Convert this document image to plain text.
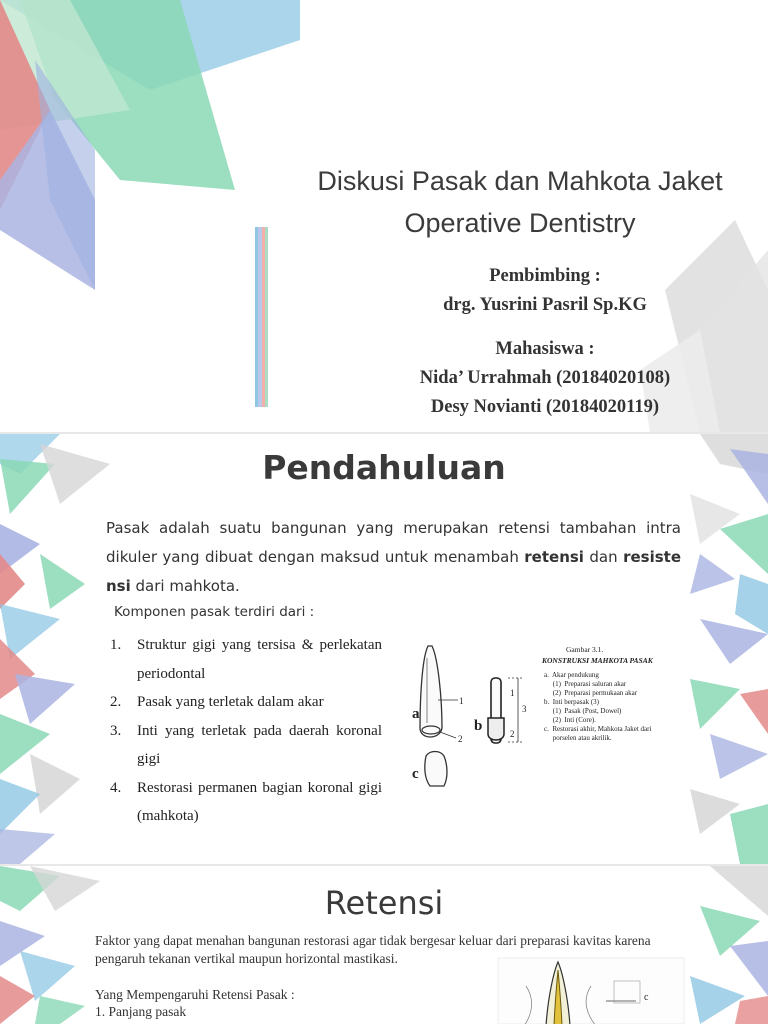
Diskusi Pasak dan Mahkota Jaket
Operative Dentistry
Pembimbing :
drg. Yusrini Pasril Sp.KG
Mahasiswa :
Nida’ Urrahmah (20184020108)
Desy Novianti (20184020119)
Pendahuluan
Pasak adalah suatu bangunan yang merupakan retensi tambahan intra dikuler yang dibuat dengan maksud untuk menambah retensi dan resiste nsi dari mahkota.
Komponen pasak terdiri dari :
1. Struktur gigi yang tersisa & perlekatan periodontal
2. Pasak yang terletak dalam akar
3. Inti yang terletak pada daerah koronal gigi
4. Restorasi permanen bagian koronal gigi (mahkota)
a
1
2
c
b
1
3
2
Gambar 3.1.
KONSTRUKSI MAHKOTA PASAK
a.  Akar pendukung
(1)  Preparasi saluran akar
(2)  Preparasi permukaan akar
b.  Inti berpasak (3)
(1)  Pasak (Post, Dowel)
(2)  Inti (Core).
c.  Restorasi akhir, Mahkota Jaket dari
porselen atau akrilik.
Retensi
Faktor yang dapat menahan bangunan restorasi agar tidak bergesar keluar dari preparasi kavitas karena pengaruh tekanan vertikal maupun horizontal mastikasi.
Yang Mempengaruhi Retensi Pasak :
1. Panjang pasak
c
